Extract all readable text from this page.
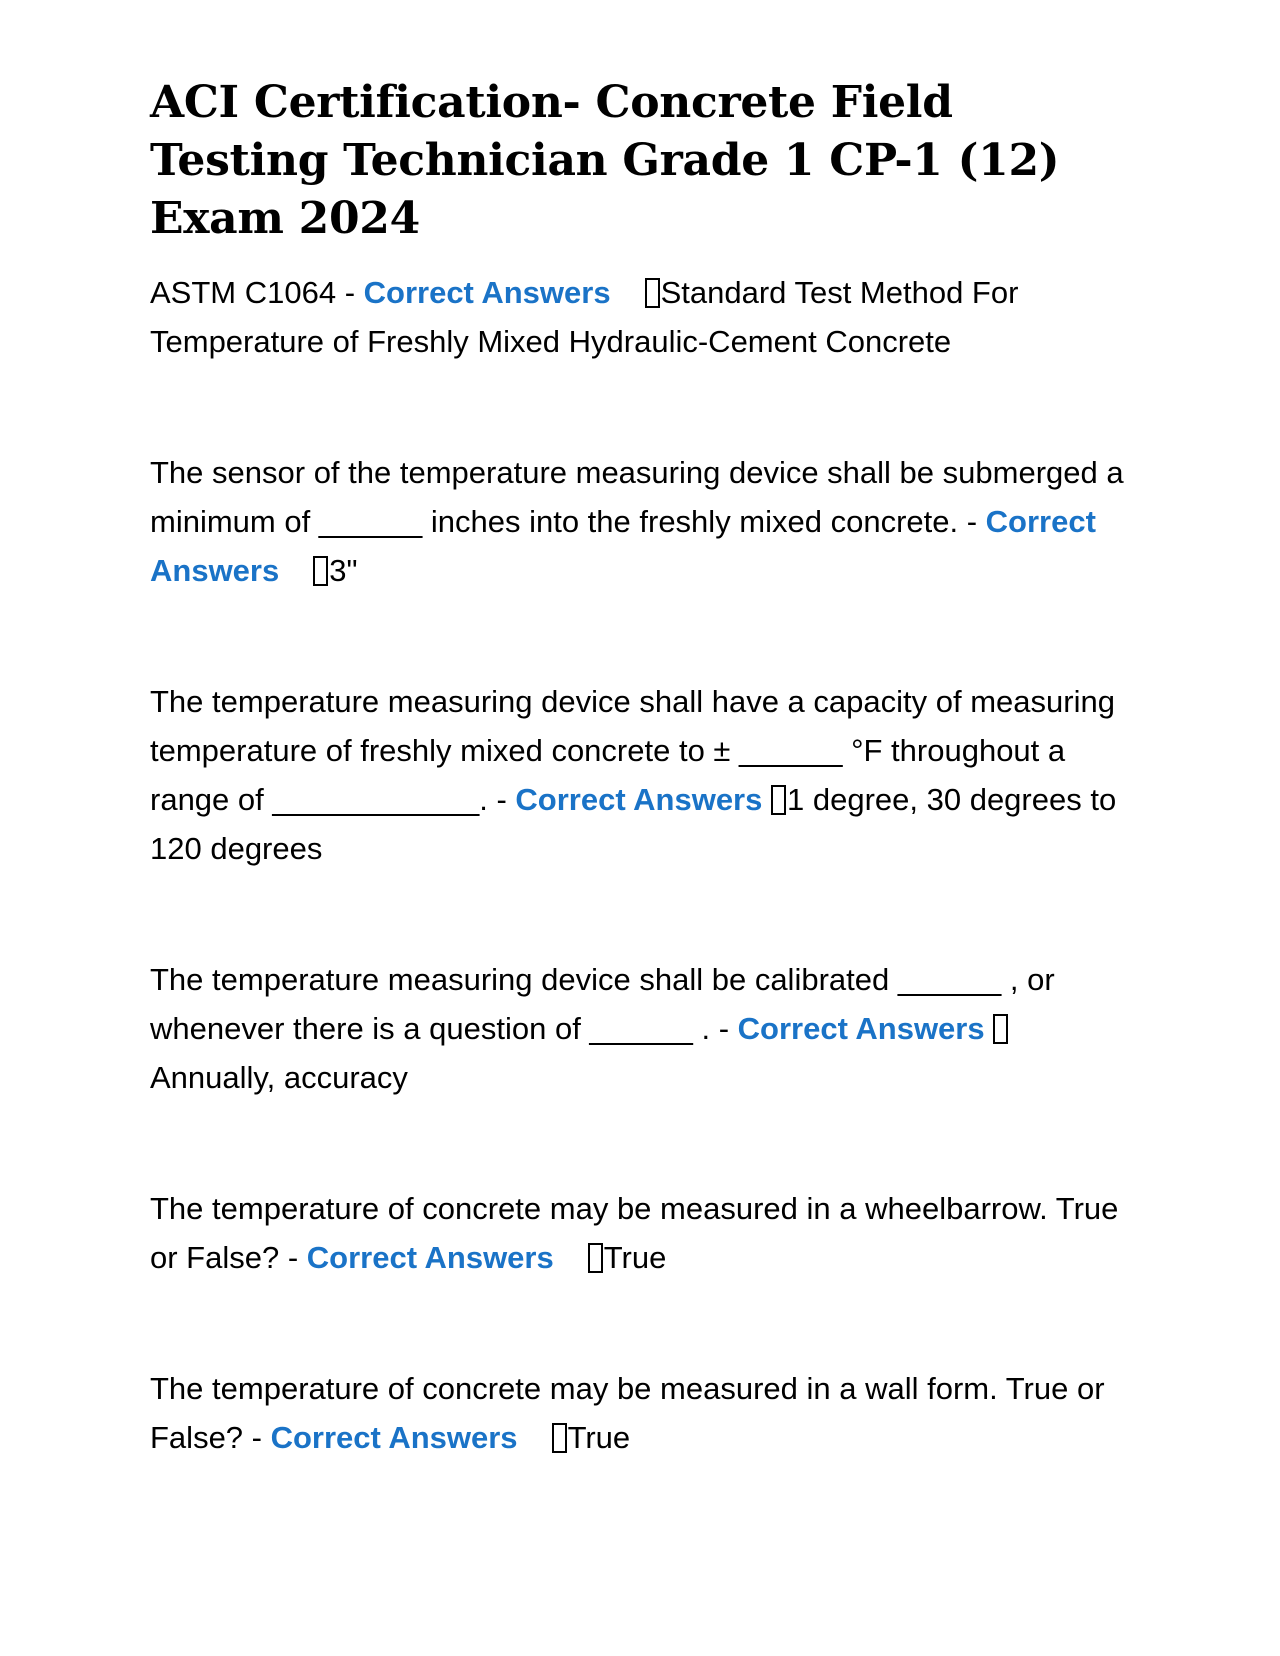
ACI Certification- Concrete Field Testing Technician Grade 1 CP-1 (12) Exam 2024

ASTM C1064 - Correct Answers Standard Test Method For Temperature of Freshly Mixed Hydraulic-Cement Concrete

The sensor of the temperature measuring device shall be submerged a minimum of ______ inches into the freshly mixed concrete. - Correct Answers 3"

The temperature measuring device shall have a capacity of measuring temperature of freshly mixed concrete to ± ______ °F throughout a range of ____________. - Correct Answers 1 degree, 30 degrees to 120 degrees

The temperature measuring device shall be calibrated ______ , or whenever there is a question of ______ . - Correct Answers Annually, accuracy

The temperature of concrete may be measured in a wheelbarrow. True or False? - Correct Answers True

The temperature of concrete may be measured in a wall form. True or False? - Correct Answers True
